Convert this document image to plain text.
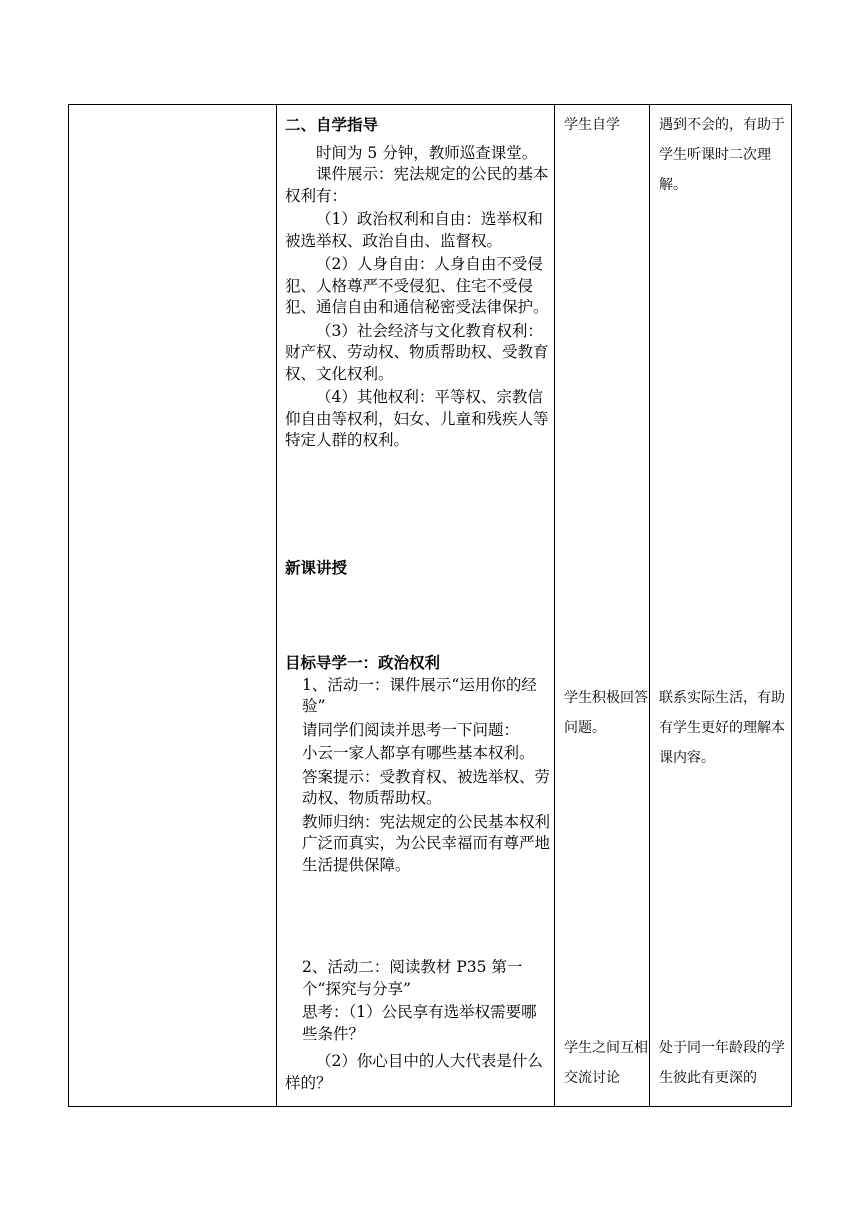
二、自学指导

时间为 5 分钟，教师巡查课堂。

课件展示：宪法规定的公民的基本权利有：

（1）政治权利和自由：选举权和被选举权、政治自由、监督权。

（2）人身自由：人身自由不受侵犯、人格尊严不受侵犯、住宅不受侵犯、通信自由和通信秘密受法律保护。

（3）社会经济与文化教育权利：财产权、劳动权、物质帮助权、受教育权、文化权利。

（4）其他权利：平等权、宗教信仰自由等权利，妇女、儿童和残疾人等特定人群的权利。

新课讲授

目标导学一：政治权利

1、活动一：课件展示“运用你的经验”

请同学们阅读并思考一下问题：

小云一家人都享有哪些基本权利。

答案提示：受教育权、被选举权、劳动权、物质帮助权。

教师归纳：宪法规定的公民基本权利广泛而真实，为公民幸福而有尊严地生活提供保障。

2、活动二：阅读教材 P35 第一个“探究与分享”

思考：（1）公民享有选举权需要哪些条件？

（2）你心目中的人大代表是什么样的？

学生自学

学生积极回答问题。

学生之间互相交流讨论

遇到不会的，有助于学生听课时二次理解。

联系实际生活，有助有学生更好的理解本课内容。

处于同一年龄段的学生彼此有更深的
